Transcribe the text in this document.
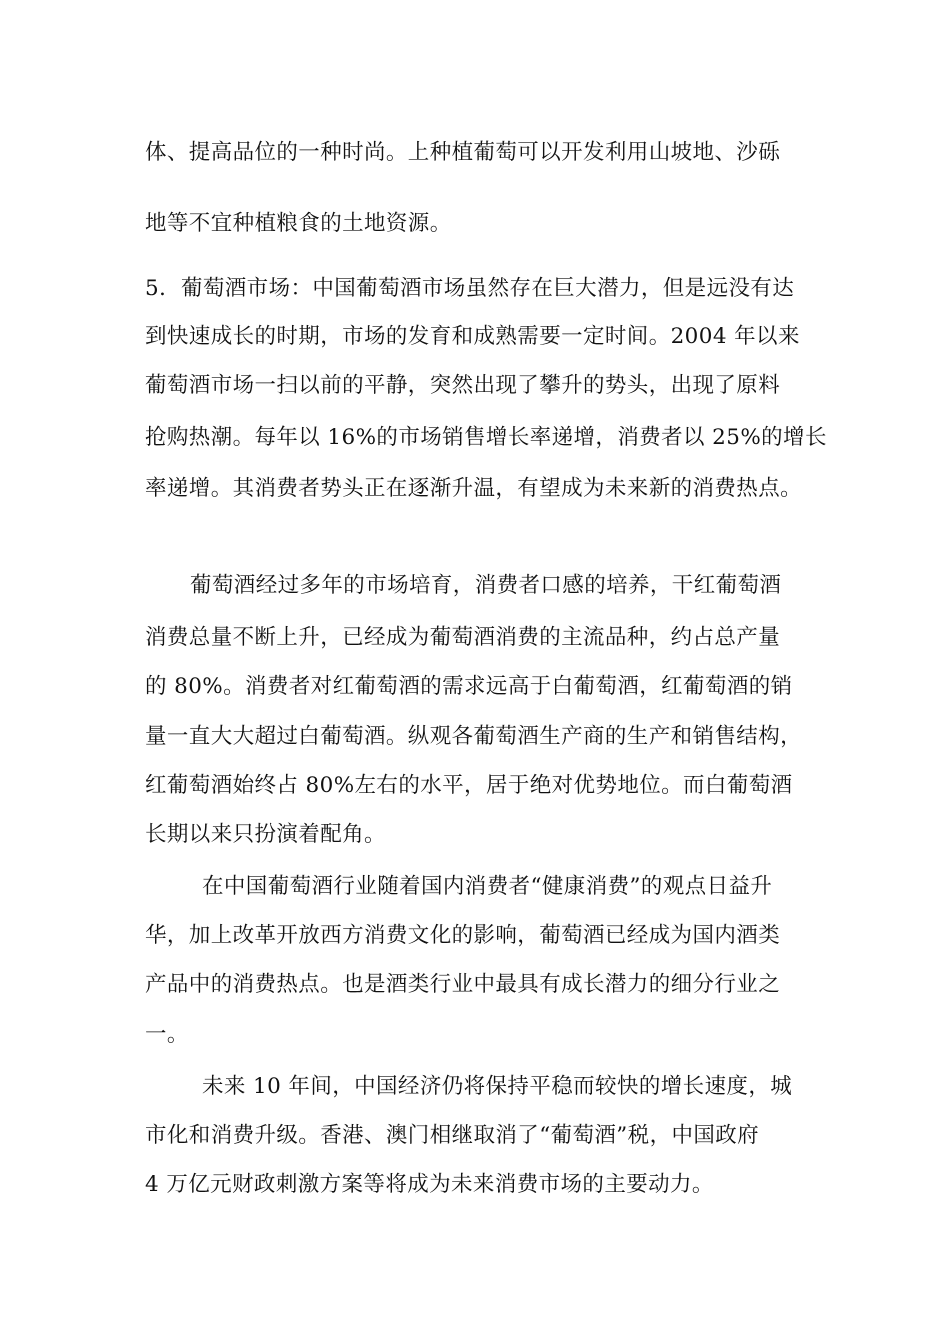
体、提高品位的一种时尚。上种植葡萄可以开发利用山坡地、沙砾
地等不宜种植粮食的土地资源。
5．葡萄酒市场：中国葡萄酒市场虽然存在巨大潜力，但是远没有达
到快速成长的时期，市场的发育和成熟需要一定时间。2004 年以来
葡萄酒市场一扫以前的平静，突然出现了攀升的势头，出现了原料
抢购热潮。每年以 16%的市场销售增长率递增，消费者以 25%的增长
率递增。其消费者势头正在逐渐升温，有望成为未来新的消费热点。
葡萄酒经过多年的市场培育，消费者口感的培养，干红葡萄酒
消费总量不断上升，已经成为葡萄酒消费的主流品种，约占总产量
的 80%。消费者对红葡萄酒的需求远高于白葡萄酒，红葡萄酒的销
量一直大大超过白葡萄酒。纵观各葡萄酒生产商的生产和销售结构，
红葡萄酒始终占 80%左右的水平，居于绝对优势地位。而白葡萄酒
长期以来只扮演着配角。
在中国葡萄酒行业随着国内消费者“健康消费”的观点日益升
华，加上改革开放西方消费文化的影响，葡萄酒已经成为国内酒类
产品中的消费热点。也是酒类行业中最具有成长潜力的细分行业之
一。
未来 10 年间，中国经济仍将保持平稳而较快的增长速度，城
市化和消费升级。香港、澳门相继取消了“葡萄酒”税，中国政府
4 万亿元财政刺激方案等将成为未来消费市场的主要动力。
